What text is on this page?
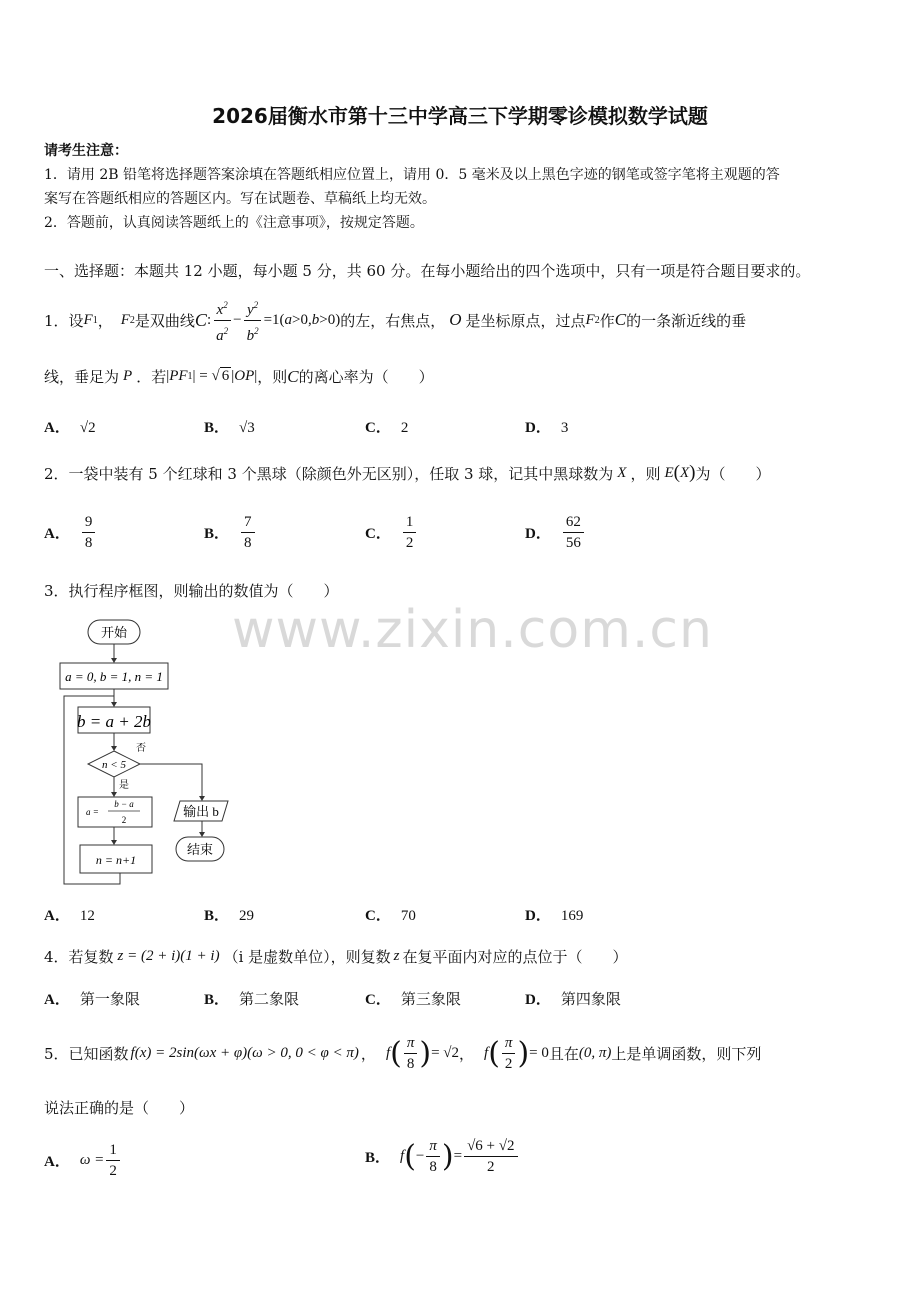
2026届衡水市第十三中学高三下学期零诊模拟数学试题
请考生注意：
1．请用 2B 铅笔将选择题答案涂填在答题纸相应位置上，请用 0．5 毫米及以上黑色字迹的钢笔或签字笔将主观题的答
案写在答题纸相应的答题区内。写在试题卷、草稿纸上均无效。
2．答题前，认真阅读答题纸上的《注意事项》，按规定答题。
一、选择题：本题共 12 小题，每小题 5 分，共 60 分。在每小题给出的四个选项中，只有一项是符合题目要求的。
1．设 F 1 ， F 2 是双曲线 C : $\frac{x^2}{a^2} - \frac{y^2}{b^2} =1$( a >0, b >0) 的左，右焦点， O 是坐标原点，过点 F 2 作 C 的一条渐近线的垂
线，垂足为 P ．若 | PF 1 | = √ 6 | OP | ，则 C 的离心率为（　　）
A． √2	B． √3	C． 2	D． 3
2．一袋中装有 5 个红球和 3 个黑球（除颜色外无区别），任取 3 球，记其中黑球数为 X ，则 E ( X ) 为（　　）
A． $\frac{9}{8}$	B． $\frac{7}{8}$	C． $\frac{1}{2}$	D． $\frac{62}{56}$
3．执行程序框图，则输出的数值为（　　）
www.zixin.com.cn
开始
a = 0, b = 1, n = 1
b = a + 2b
n < 5
否
是
a =
b − a
2
n = n+1
输出 b
结束
A． 12	B． 29	C． 70	D． 169
4．若复数 z = (2 + i)(1 + i) （i 是虚数单位），则复数 z 在复平面内对应的点位于（　　）
A． 第一象限	B． 第二象限	C． 第三象限	D． 第四象限
5．已知函数 f(x) = 2sin(ωx + φ)(ω > 0, 0 < φ < π) ， f ( $\frac{\pi}{8}$ ) = √2 ， f ( $\frac{\pi}{2}$ ) = 0 且在 (0, π) 上是单调函数，则下列
说法正确的是（　　）
A． $\omega = \frac{1}{2}$	B． f ( − $\frac{\pi}{8}$ ) = $\frac{√6 + √2}{2}$
